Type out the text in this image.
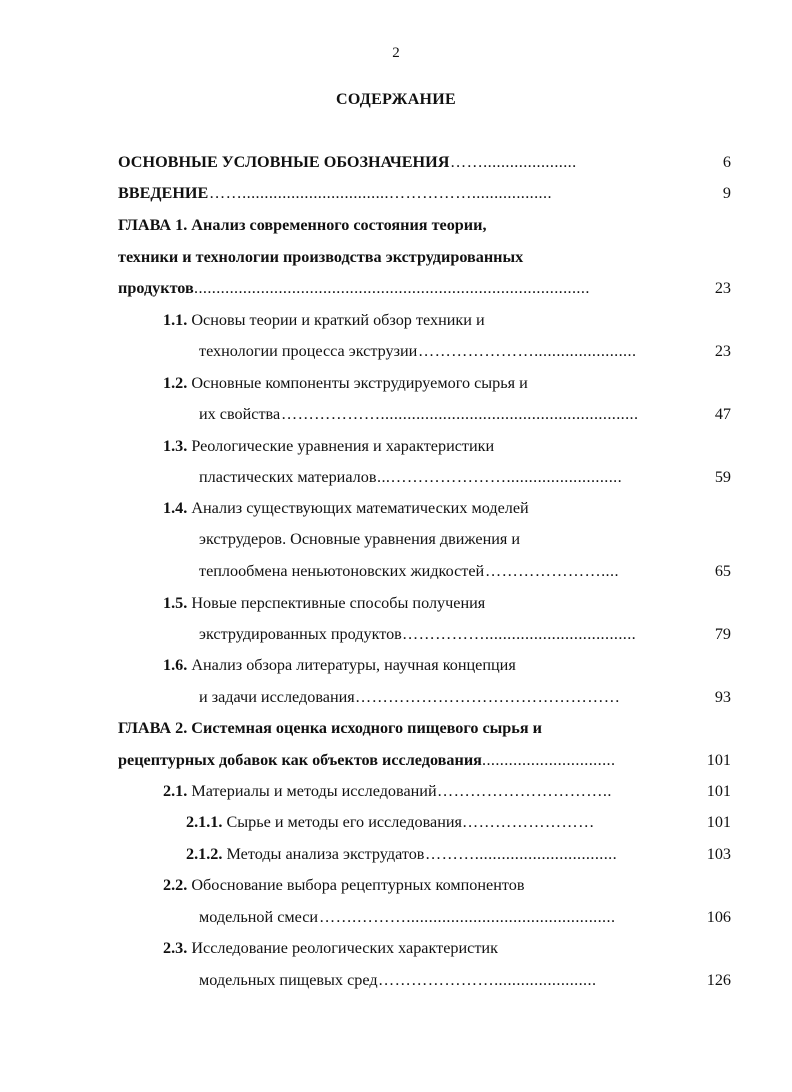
2
СОДЕРЖАНИЕ
ОСНОВНЫЕ УСЛОВНЫЕ ОБОЗНАЧЕНИЯ …….....................	6
ВВЕДЕНИЕ …….................................……………..................	9
ГЛАВА 1. Анализ современного состояния теории,
техники и технологии производства экструдированных
продуктов .........................................................................................	23
1.1. Основы теории и краткий обзор техники и
технологии процесса экструзии ………………….......................	23
1.2. Основные компоненты экструдируемого сырья и
их свойства ………………..........................................................	47
1.3. Реологические уравнения и характеристики
пластических материалов ...…………………..........................	59
1.4. Анализ существующих математических моделей
экструдеров. Основные уравнения движения и
теплообмена неньютоновских жидкостей …………………....	65
1.5. Новые перспективные способы получения
экструдированных продуктов ……………..................................	79
1.6. Анализ обзора литературы, научная концепция
и задачи исследования …………………………………………	93
ГЛАВА 2. Системная оценка исходного пищевого сырья и
рецептурных добавок как объектов исследования ..............................	101
2.1. Материалы и методы исследований …………………………..	101
2.1.1. Сырье и методы его исследования ……………………	101
2.1.2. Методы анализа экструдатов ………................................	103
2.2. Обоснование выбора рецептурных компонентов
модельной смеси …….………...............................................	106
2.3. Исследование реологических характеристик
модельных пищевых сред ………………….......................	126
